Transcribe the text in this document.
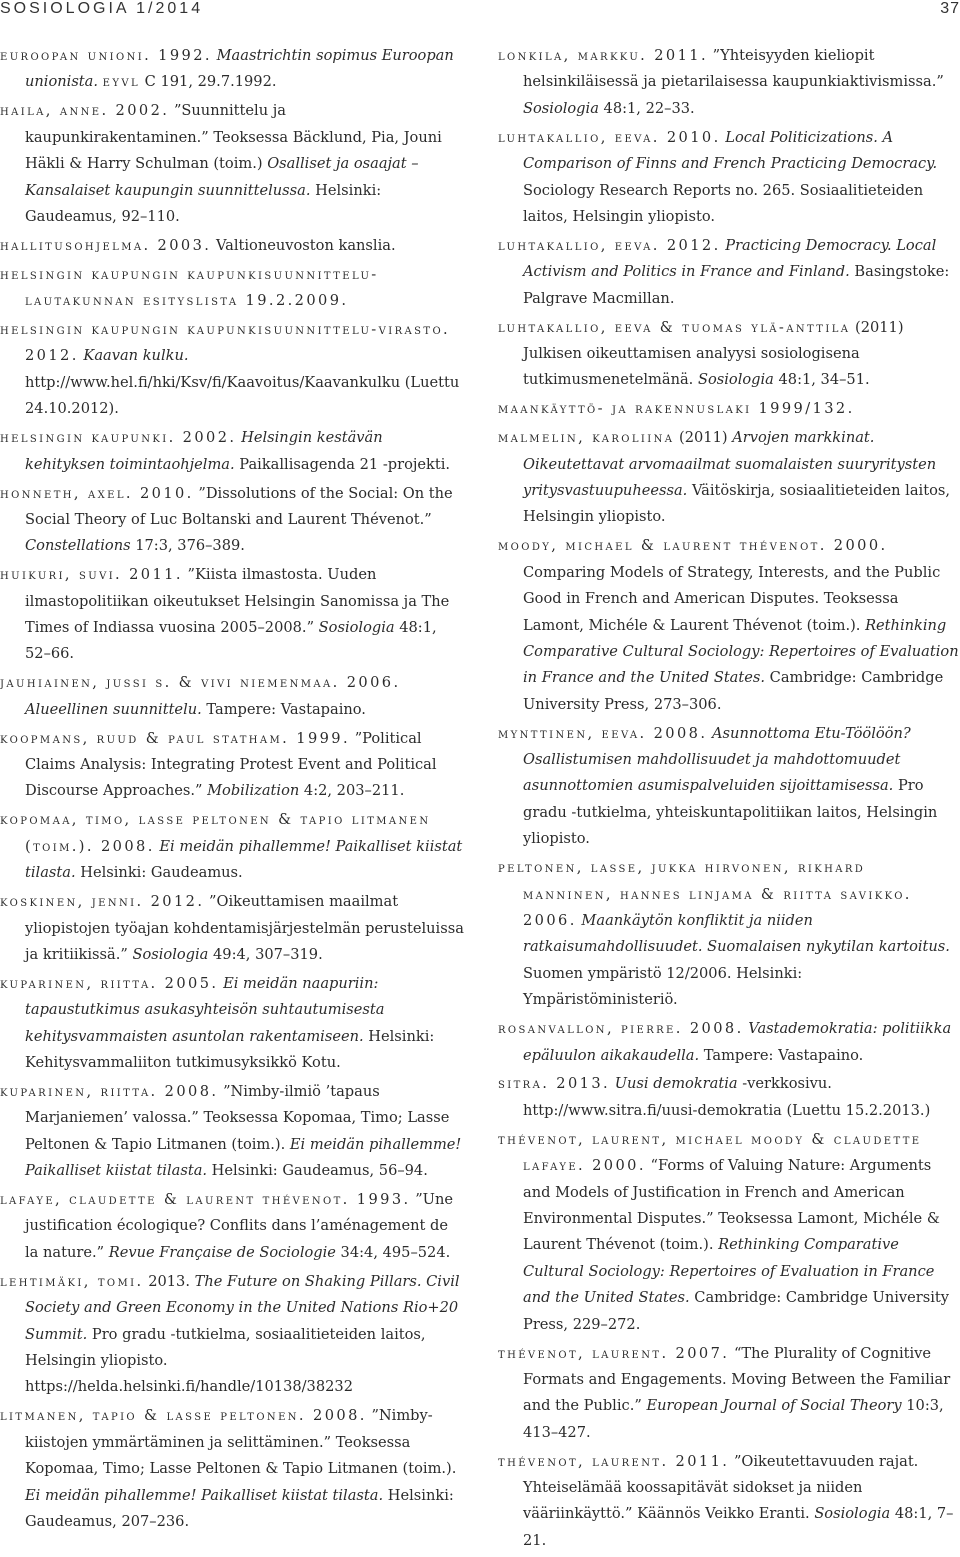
SOSIOLOGIA 1/2014	37

euroopan unioni. 1992. Maastrichtin sopimus Euroopan unionista. eyvl C 191, 29.7.1992.

haila, anne. 2002. ”Suunnittelu ja kaupunkirakentaminen.” Teoksessa Bäcklund, Pia, Jouni Häkli & Harry Schulman (toim.) Osalliset ja osaajat – Kansalaiset kaupungin suunnittelussa. Helsinki: Gaudeamus, 92–110.

hallitusohjelma. 2003. Valtioneuvoston kanslia.

helsingin kaupungin kaupunkisuunnittelu-lautakunnan esityslista 19.2.2009.

helsingin kaupungin kaupunkisuunnittelu-virasto. 2012. Kaavan kulku. http://www.hel.fi/hki/Ksv/fi/Kaavoitus/Kaavankulku (Luettu 24.10.2012).

helsingin kaupunki. 2002. Helsingin kestävän kehityksen toimintaohjelma. Paikallisagenda 21 -projekti.

honneth, axel. 2010. ”Dissolutions of the Social: On the Social Theory of Luc Boltanski and Laurent Thévenot.” Constellations 17:3, 376–389.

huikuri, suvi. 2011. ”Kiista ilmastosta. Uuden ilmastopolitiikan oikeutukset Helsingin Sanomissa ja The Times of Indiassa vuosina 2005–2008.” Sosiologia 48:1, 52–66.

jauhiainen, jussi s. & vivi niemenmaa. 2006. Alueellinen suunnittelu. Tampere: Vastapaino.

koopmans, ruud & paul statham. 1999. ”Political Claims Analysis: Integrating Protest Event and Political Discourse Approaches.” Mobilization 4:2, 203–211.

kopomaa, timo, lasse peltonen & tapio litmanen (toim.). 2008. Ei meidän pihallemme! Paikalliset kiistat tilasta. Helsinki: Gaudeamus.

koskinen, jenni. 2012. ”Oikeuttamisen maailmat yliopistojen työajan kohdentamisjärjestelmän perusteluissa ja kritiikissä.” Sosiologia 49:4, 307–319.

kuparinen, riitta. 2005. Ei meidän naapuriin: tapaustutkimus asukasyhteisön suhtautumisesta kehitysvammaisten asuntolan rakentamiseen. Helsinki: Kehitysvammaliiton tutkimusyksikkö Kotu.

kuparinen, riitta. 2008. ”Nimby-ilmiö ’tapaus Marjaniemen’ valossa.” Teoksessa Kopomaa, Timo; Lasse Peltonen & Tapio Litmanen (toim.). Ei meidän pihallemme! Paikalliset kiistat tilasta. Helsinki: Gaudeamus, 56–94.

lafaye, claudette & laurent thévenot. 1993. ”Une justification écologique? Conflits dans l’aménagement de la nature.” Revue Française de Sociologie 34:4, 495–524.

lehtimäki, tomi. 2013. The Future on Shaking Pillars. Civil Society and Green Economy in the United Nations Rio+20 Summit. Pro gradu -tutkielma, sosiaalitieteiden laitos, Helsingin yliopisto. https://helda.helsinki.fi/handle/10138/38232

litmanen, tapio & lasse peltonen. 2008. ”Nimby-kiistojen ymmärtäminen ja selittäminen.” Teoksessa Kopomaa, Timo; Lasse Peltonen & Tapio Litmanen (toim.). Ei meidän pihallemme! Paikalliset kiistat tilasta. Helsinki: Gaudeamus, 207–236.

lonkila, markku. 2011. ”Yhteisyyden kieliopit helsinkiläisessä ja pietarilaisessa kaupunkiaktivismissa.” Sosiologia 48:1, 22–33.

luhtakallio, eeva. 2010. Local Politicizations. A Comparison of Finns and French Practicing Democracy. Sociology Research Reports no. 265. Sosiaalitieteiden laitos, Helsingin yliopisto.

luhtakallio, eeva. 2012. Practicing Democracy. Local Activism and Politics in France and Finland. Basingstoke: Palgrave Macmillan.

luhtakallio, eeva & tuomas ylä-anttila (2011) Julkisen oikeuttamisen analyysi sosiologisena tutkimusmenetelmänä. Sosiologia 48:1, 34–51.

maankäyttö- ja rakennuslaki 1999/132.

malmelin, karoliina (2011) Arvojen markkinat. Oikeutettavat arvomaailmat suomalaisten suuryritysten yritysvastuupuheessa. Väitöskirja, sosiaalitieteiden laitos, Helsingin yliopisto.

moody, michael & laurent thévenot. 2000. Comparing Models of Strategy, Interests, and the Public Good in French and American Disputes. Teoksessa Lamont, Michéle & Laurent Thévenot (toim.). Rethinking Comparative Cultural Sociology: Repertoires of Evaluation in France and the United States. Cambridge: Cambridge University Press, 273–306.

mynttinen, eeva. 2008. Asunnottoma Etu-Töölöön? Osallistumisen mahdollisuudet ja mahdottomuudet asunnottomien asumispalveluiden sijoittamisessa. Pro gradu -tutkielma, yhteiskuntapolitiikan laitos, Helsingin yliopisto.

peltonen, lasse, jukka hirvonen, rikhard manninen, hannes linjama & riitta savikko. 2006. Maankäytön konfliktit ja niiden ratkaisumahdollisuudet. Suomalaisen nykytilan kartoitus. Suomen ympäristö 12/2006. Helsinki: Ympäristöministeriö.

rosanvallon, pierre. 2008. Vastademokratia: politiikka epäluulon aikakaudella. Tampere: Vastapaino.

sitra. 2013. Uusi demokratia -verkkosivu. http://www.sitra.fi/uusi-demokratia (Luettu 15.2.2013.)

thévenot, laurent, michael moody & claudette lafaye. 2000. “Forms of Valuing Nature: Arguments and Models of Justification in French and American Environmental Disputes.” Teoksessa Lamont, Michéle & Laurent Thévenot (toim.). Rethinking Comparative Cultural Sociology: Repertoires of Evaluation in France and the United States. Cambridge: Cambridge University Press, 229–272.

thévenot, laurent. 2007. “The Plurality of Cognitive Formats and Engagements. Moving Between the Familiar and the Public.” European Journal of Social Theory 10:3, 413–427.

thévenot, laurent. 2011. ”Oikeutettavuuden rajat. Yhteiselämää koossapitävät sidokset ja niiden vääriinkäyttö.” Käännös Veikko Eranti. Sosiologia 48:1, 7–21.
